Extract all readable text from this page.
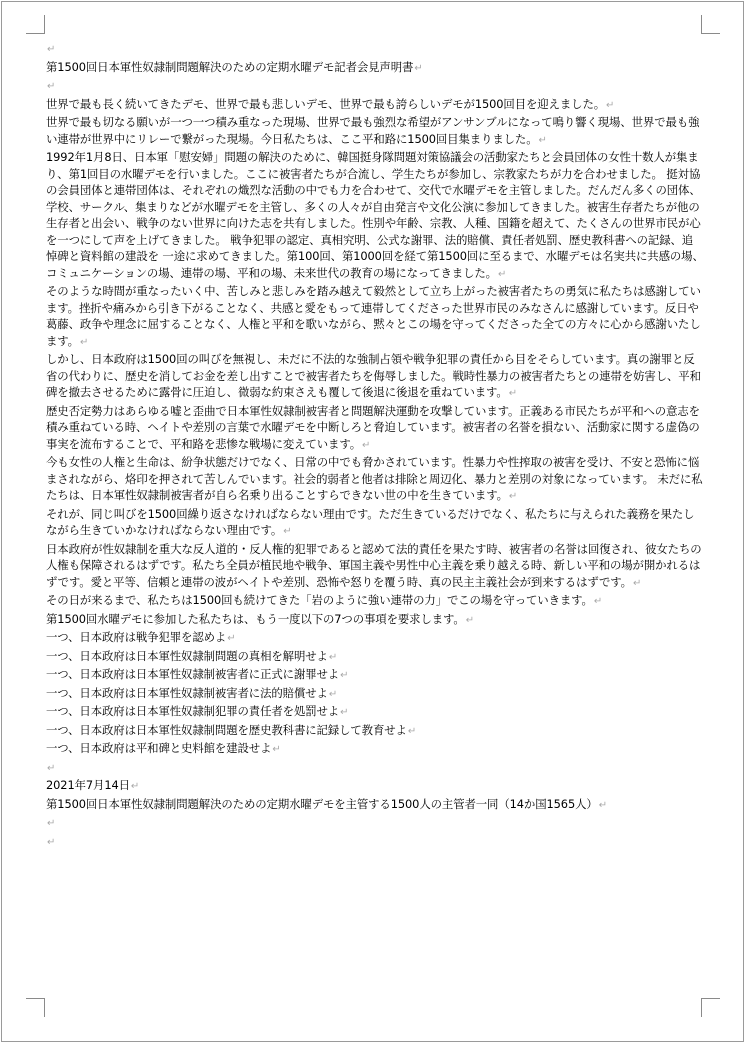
↵
第1500回日本軍性奴隷制問題解決のための定期水曜デモ記者会見声明書↵
↵
世界で最も長く続いてきたデモ、世界で最も悲しいデモ、世界で最も誇らしいデモが1500回目を迎えました。↵
世界で最も切なる願いが一つ一つ積み重なった現場、世界で最も強烈な希望がアンサンブルになって鳴り響く現場、世界で最も強い連帯が世界中にリレーで繋がった現場。今日私たちは、ここ平和路に1500回目集まりました。↵
1992年1月8日、日本軍「慰安婦」問題の解決のために、韓国挺身隊問題対策協議会の活動家たちと会員団体の女性十数人が集まり、第1回目の水曜デモを行いました。ここに被害者たちが合流し、学生たちが参加し、宗教家たちが力を合わせました。 挺対協の会員団体と連帯団体は、それぞれの熾烈な活動の中でも力を合わせて、交代で水曜デモを主管しました。だんだん多くの団体、学校、サークル、集まりなどが水曜デモを主管し、多くの人々が自由発言や文化公演に参加してきました。被害生存者たちが他の生存者と出会い、戦争のない世界に向けた志を共有しました。性別や年齢、宗教、人種、国籍を超えて、たくさんの世界市民が心を一つにして声を上げてきました。 戦争犯罪の認定、真相究明、公式な謝罪、法的賠償、責任者処罰、歴史教科書への記録、追悼碑と資料館の建設を 一途に求めてきました。第100回、第1000回を経て第1500回に至るまで、水曜デモは名実共に共感の場、コミュニケーションの場、連帯の場、平和の場、未来世代の教育の場になってきました。↵
そのような時間が重なったいく中、苦しみと悲しみを踏み越えて毅然として立ち上がった被害者たちの勇気に私たちは感謝しています。挫折や痛みから引き下がることなく、共感と愛をもって連帯してくださった世界市民のみなさんに感謝しています。反日や葛藤、政争や理念に屈することなく、人権と平和を歌いながら、黙々とこの場を守ってくださった全ての方々に心から感謝いたします。↵
しかし、日本政府は1500回の叫びを無視し、未だに不法的な強制占領や戦争犯罪の責任から目をそらしています。真の謝罪と反省の代わりに、歴史を消してお金を差し出すことで被害者たちを侮辱しました。戦時性暴力の被害者たちとの連帯を妨害し、平和碑を撤去させるために露骨に圧迫し、微弱な約束さえも覆して後退に後退を重ねています。↵
歴史否定勢力はあらゆる嘘と歪曲で日本軍性奴隷制被害者と問題解決運動を攻撃しています。正義ある市民たちが平和への意志を積み重ねている時、ヘイトや差別の言葉で水曜デモを中断しろと脅迫しています。被害者の名誉を損ない、活動家に関する虚偽の事実を流布することで、平和路を悲惨な戦場に変えています。↵
今も女性の人権と生命は、紛争状態だけでなく、日常の中でも脅かされています。性暴力や性搾取の被害を受け、不安と恐怖に悩まされながら、烙印を押されて苦しんでいます。社会的弱者と他者は排除と周辺化、暴力と差別の対象になっています。 未だに私たちは、日本軍性奴隷制被害者が自ら名乗り出ることすらできない世の中を生きています。↵
それが、同じ叫びを1500回繰り返さなければならない理由です。ただ生きているだけでなく、私たちに与えられた義務を果たしながら生きていかなければならない理由です。↵
日本政府が性奴隷制を重大な反人道的・反人権的犯罪であると認めて法的責任を果たす時、被害者の名誉は回復され、彼女たちの人権も保障されるはずです。私たち全員が植民地や戦争、軍国主義や男性中心主義を乗り越える時、新しい平和の場が開かれるはずです。愛と平等、信頼と連帯の波がヘイトや差別、恐怖や怒りを覆う時、真の民主主義社会が到来するはずです。↵
その日が来るまで、私たちは1500回も続けてきた「岩のように強い連帯の力」でこの場を守っていきます。↵
第1500回水曜デモに参加した私たちは、もう一度以下の7つの事項を要求します。↵
一つ、日本政府は戦争犯罪を認めよ↵
一つ、日本政府は日本軍性奴隷制問題の真相を解明せよ↵
一つ、日本政府は日本軍性奴隷制被害者に正式に謝罪せよ↵
一つ、日本政府は日本軍性奴隷制被害者に法的賠償せよ↵
一つ、日本政府は日本軍性奴隷制犯罪の責任者を処罰せよ↵
一つ、日本政府は日本軍性奴隷制問題を歴史教科書に記録して教育せよ↵
一つ、日本政府は平和碑と史料館を建設せよ↵
↵
2021年7月14日↵
第1500回日本軍性奴隷制問題解決のための定期水曜デモを主管する1500人の主管者一同（14か国1565人）↵
↵
↵
